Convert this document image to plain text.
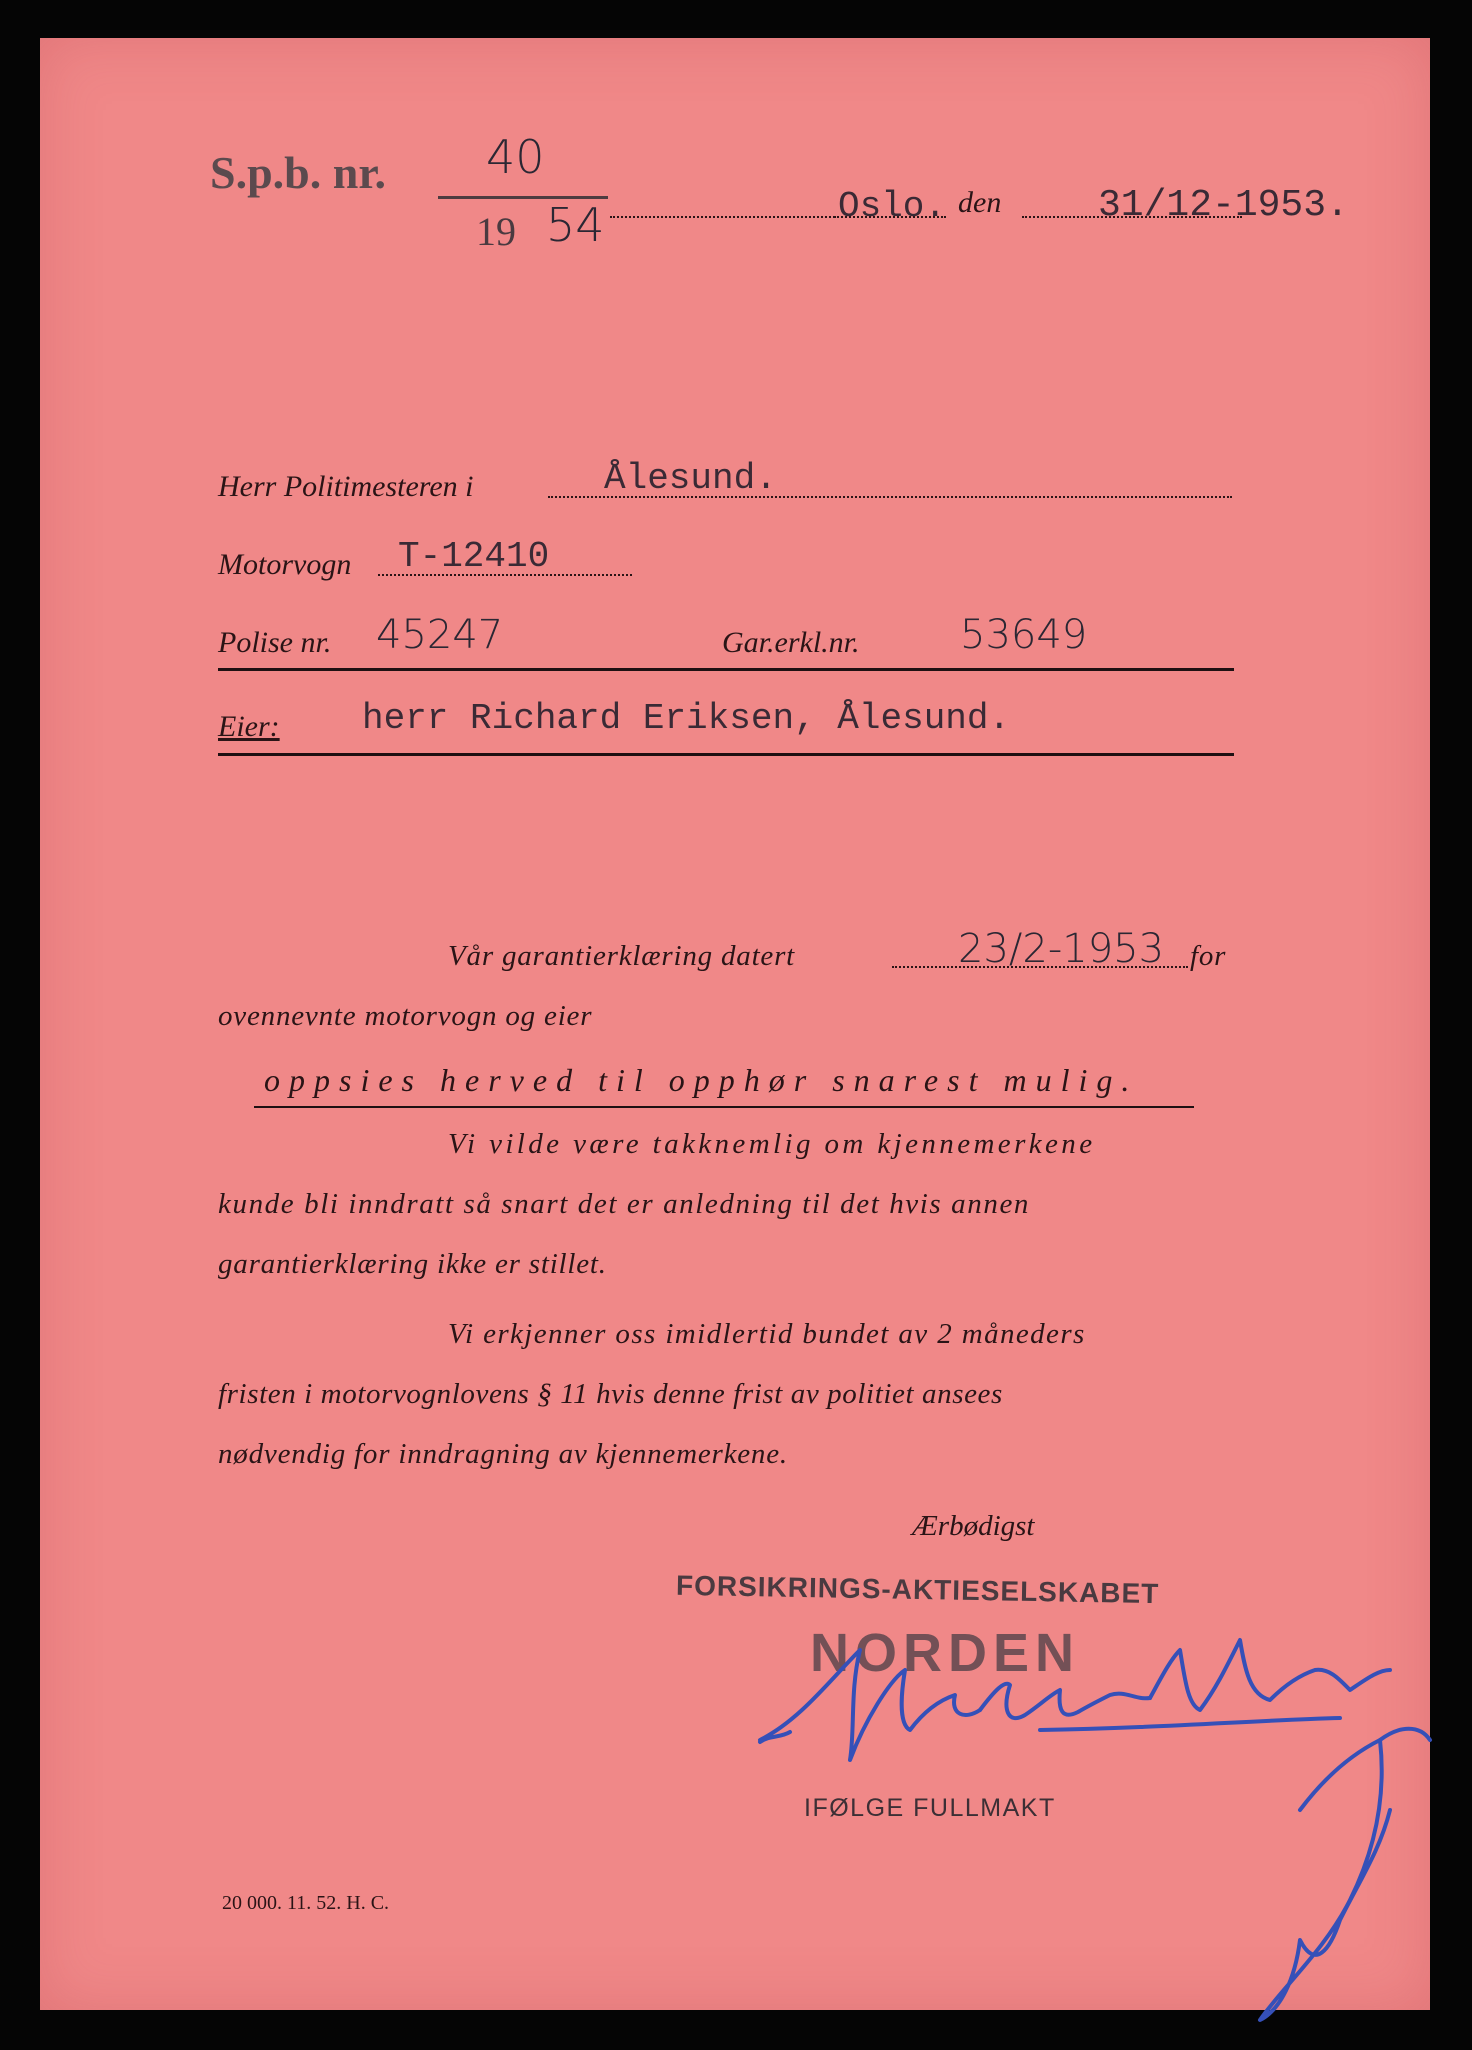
S.p.b. nr. 40
19 54	Oslo. den	31/12-1953.
Herr Politimesteren i	Ålesund.
Motorvogn T-12410
Polise nr. 45247	Gar.erkl.nr.	53649
Eier: herr Richard Eriksen, Ålesund.
Vår garantierklæring datert	23/2-1953 for
ovennevnte motorvogn og eier
oppsies herved til opphør snarest mulig.
Vi vilde være takknemlig om kjennemerkene
kunde bli inndratt så snart det er anledning til det hvis annen
garantierklæring ikke er stillet.
Vi erkjenner oss imidlertid bundet av 2 måneders
fristen i motorvognlovens § 11 hvis denne frist av politiet ansees
nødvendig for inndragning av kjennemerkene.
Ærbødigst
FORSIKRINGS-AKTIESELSKABET
NORDEN
IFØLGE FULLMAKT
20 000. 11. 52. H. C.
